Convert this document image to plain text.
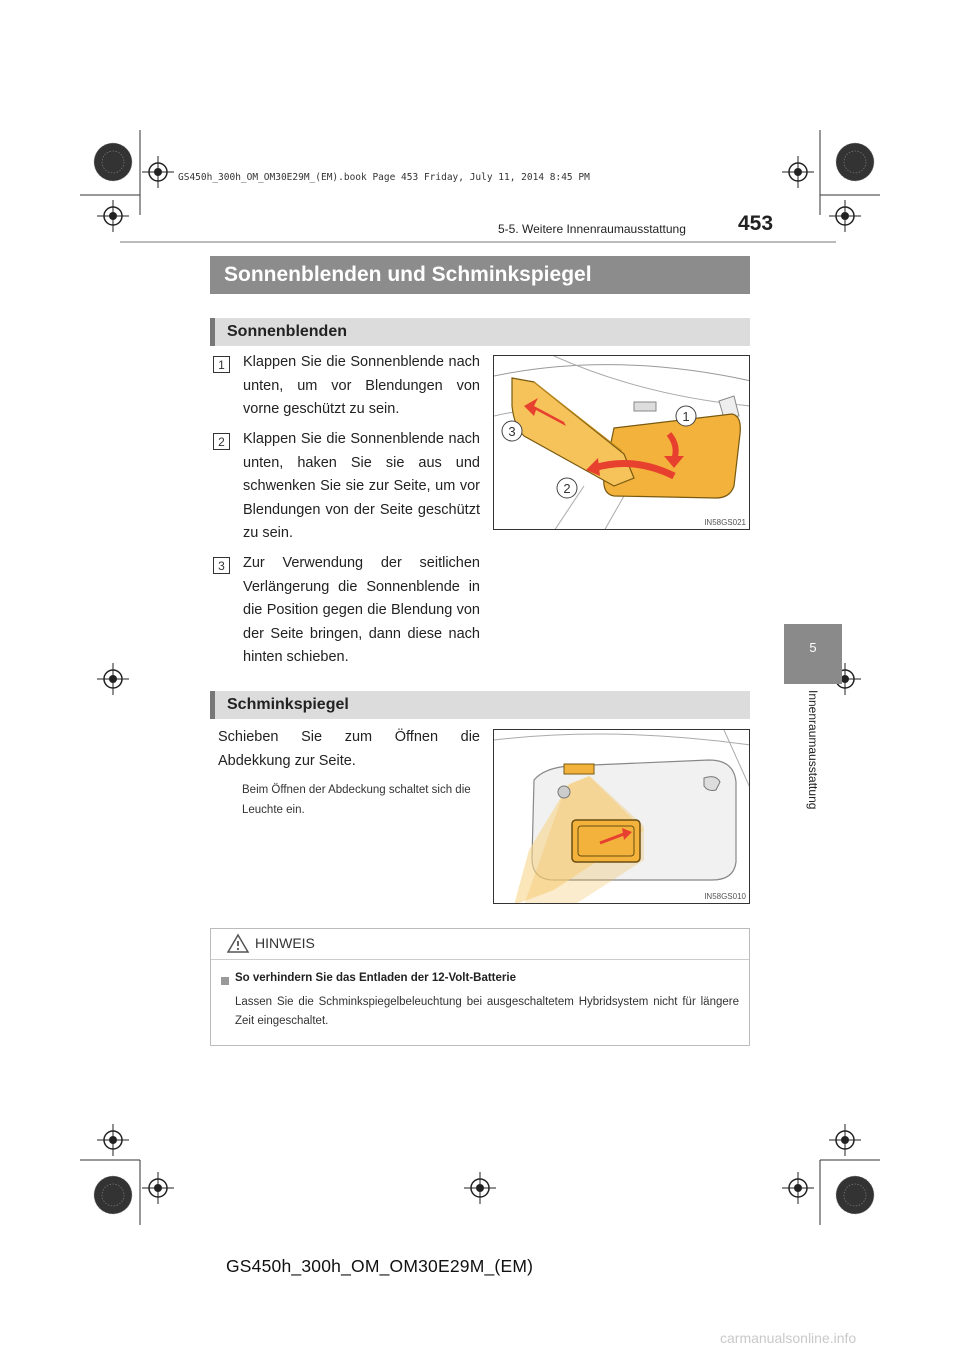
GS450h_300h_OM_OM30E29M_(EM).book Page 453 Friday, July 11, 2014 8:45 PM
5-5. Weitere Innenraumausstattung 453
5
Innenraumausstattung
Sonnenblenden und Schminkspiegel
Sonnenblenden
1	Klappen Sie die Sonnenblende nach unten, um vor Blendungen von vorne geschützt zu sein.
2	Klappen Sie die Sonnenblende nach unten, haken Sie sie aus und schwenken Sie sie zur Seite, um vor Blendungen von der Seite geschützt zu sein.
3	Zur Verwendung der seitlichen Verlängerung die Sonnenblende in die Position gegen die Blendung von der Seite bringen, dann diese nach hinten schieben.
1
2
3
IN58GS021
Schminkspiegel
Schieben Sie zum Öffnen die Abdekkung zur Seite.
Beim Öffnen der Abdeckung schaltet sich die Leuchte ein.
IN58GS010
HINWEIS
So verhindern Sie das Entladen der 12-Volt-Batterie
Lassen Sie die Schminkspiegelbeleuchtung bei ausgeschaltetem Hybridsystem nicht für längere Zeit eingeschaltet.
GS450h_300h_OM_OM30E29M_(EM)
carmanualsonline.info
